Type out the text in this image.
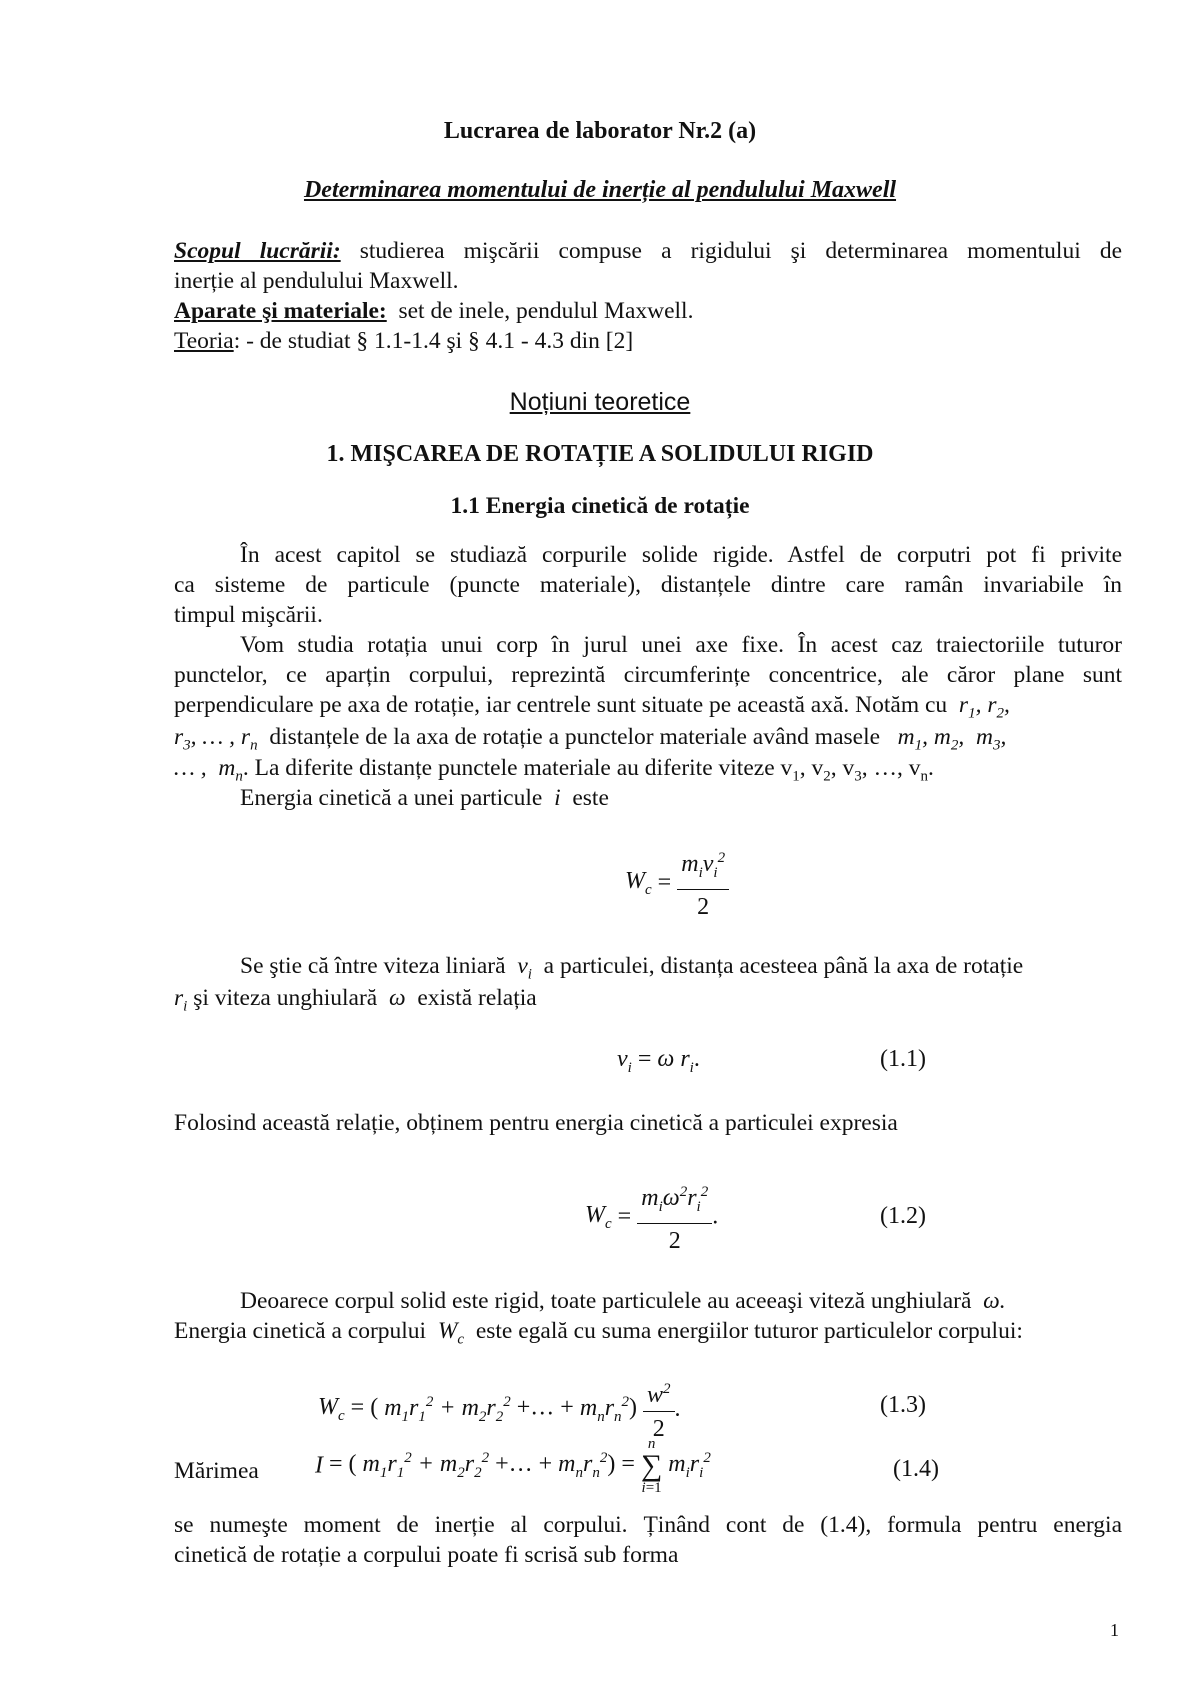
Lucrarea de laborator Nr.2 (a)
Determinarea momentului de inerție al pendulului Maxwell
Scopul lucrării: studierea mişcării compuse a rigidului şi determinarea momentului de
inerție al pendulului Maxwell.
Aparate şi materiale: set de inele, pendulul Maxwell.
Teoria: - de studiat § 1.1-1.4 şi § 4.1 - 4.3 din [2]
Noțiuni teoretice
1. MIŞCAREA DE ROTAȚIE A SOLIDULUI RIGID
1.1 Energia cinetică de rotație
În acest capitol se studiază corpurile solide rigide. Astfel de corputri pot fi privite
ca sisteme de particule (puncte materiale), distanțele dintre care ramân invariabile în
timpul mişcării.
Vom studia rotația unui corp în jurul unei axe fixe. În acest caz traiectoriile tuturor
punctelor, ce aparțin corpului, reprezintă circumferințe concentrice, ale căror plane sunt
perpendiculare pe axa de rotație, iar centrele sunt situate pe această axă. Notăm cu  $r_1$, $r_2$,
$r_3$, … , $r_n$ distanțele de la axa de rotație a punctelor materiale având masele   $m_1$, $m_2$,  $m_3$,
… ,  $m_n$. La diferite distanțe punctele materiale au diferite viteze $v_1$, $v_2$, $v_3$, …, $v_n$.
Energia cinetică a unei particule  i  este
$W_c = \frac{m_iv_i^2}{2}$
Se ştie că între viteza liniară  $v_i$ a particulei, distanța acesteea până la axa de rotație
$r_i$ şi viteza unghiulară  ω  există relația
$v_i = \omega$ $r_i$.	(1.1)
Folosind această relație, obținem pentru energia cinetică a particulei expresia
$W_c = \frac{m_i\omega^2r_i^2}{2}$ .	(1.2)
Deoarece corpul solid este rigid, toate particulele au aceeaşi viteză unghiulară  ω.
Energia cinetică a corpului  $W_c$ este egală cu suma energiilor tuturor particulelor corpului:
$W_c$ = ( $m_1r_1^2 + m_2r_2^2$ +… + $m_nr_n^2) \frac{w^2}{2}$ .	(1.3)
Mărimea	I = ( $m_1r_1^2 + m_2r_2^2$ +… + $m_nr_n^2) = n$
∑
i=1 $m_ir_i^2$	(1.4)
se numeşte moment de inerție al corpului. Ținând cont de (1.4), formula pentru energia
cinetică de rotație a corpului poate fi scrisă sub forma
1
